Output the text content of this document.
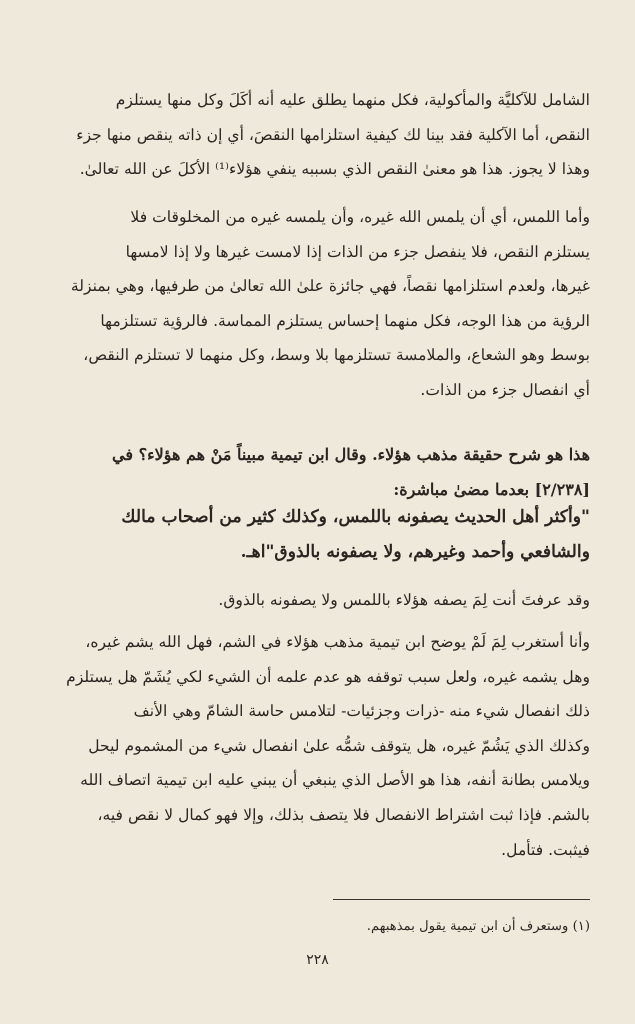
الشامل للآكليَّة والمأكولية، فكل منهما يطلق عليه أنه أكَلَ وكل منها يستلزم
النقص، أما الآكلية فقد بينا لك كيفية استلزامها النقصَ، أي إن ذاته ينقص منها جزء
وهذا لا يجوز. هذا هو معنىٰ النقص الذي بسببه ينفي هؤلاء⁽¹⁾ الأكلَ عن الله تعالىٰ.
وأما اللمس، أي أن يلمس الله غيره، وأن يلمسه غيره من المخلوقات فلا
يستلزم النقص، فلا ينفصل جزء من الذات إذا لامست غيرها ولا إذا لامسها
غيرها، ولعدم استلزامها نقصاً، فهي جائزة علىٰ الله تعالىٰ من طرفيها، وهي بمنزلة
الرؤية من هذا الوجه، فكل منهما إحساس يستلزم المماسة. فالرؤية تستلزمها
بوسط وهو الشعاع، والملامسة تستلزمها بلا وسط، وكل منهما لا تستلزم النقص،
أي انفصال جزء من الذات.
هذا هو شرح حقيقة مذهب هؤلاء. وقال ابن تيمية مبيناً مَنْ هم هؤلاء؟ في
[٢/٢٣٨] بعدما مضىٰ مباشرة:
"وأكثر أهل الحديث يصفونه باللمس، وكذلك كثير من أصحاب مالك
والشافعي وأحمد وغيرهم، ولا يصفونه بالذوق"اهـ.
وقد عرفتَ أنت لِمَ يصفه هؤلاء باللمس ولا يصفونه بالذوق.
وأنا أستغرب لِمَ لَمْ يوضح ابن تيمية مذهب هؤلاء في الشم، فهل الله يشم غيره،
وهل يشمه غيره، ولعل سبب توقفه هو عدم علمه أن الشيء لكي يُشَمّ هل يستلزم
ذلك انفصال شيء منه -ذرات وجزئيات- لتلامس حاسة الشامّ وهي الأنف
وكذلك الذي يَشُمّ غيره، هل يتوقف شمُّه علىٰ انفصال شيء من المشموم ليحل
ويلامس بطانة أنفه، هذا هو الأصل الذي ينبغي أن يبني عليه ابن تيمية اتصاف الله
بالشم. فإذا ثبت اشتراط الانفصال فلا يتصف بذلك، وإلا فهو كمال لا نقص فيه،
فيثبت. فتأمل.

(١) وستعرف أن ابن تيمية يقول بمذهبهم.

٢٢٨
